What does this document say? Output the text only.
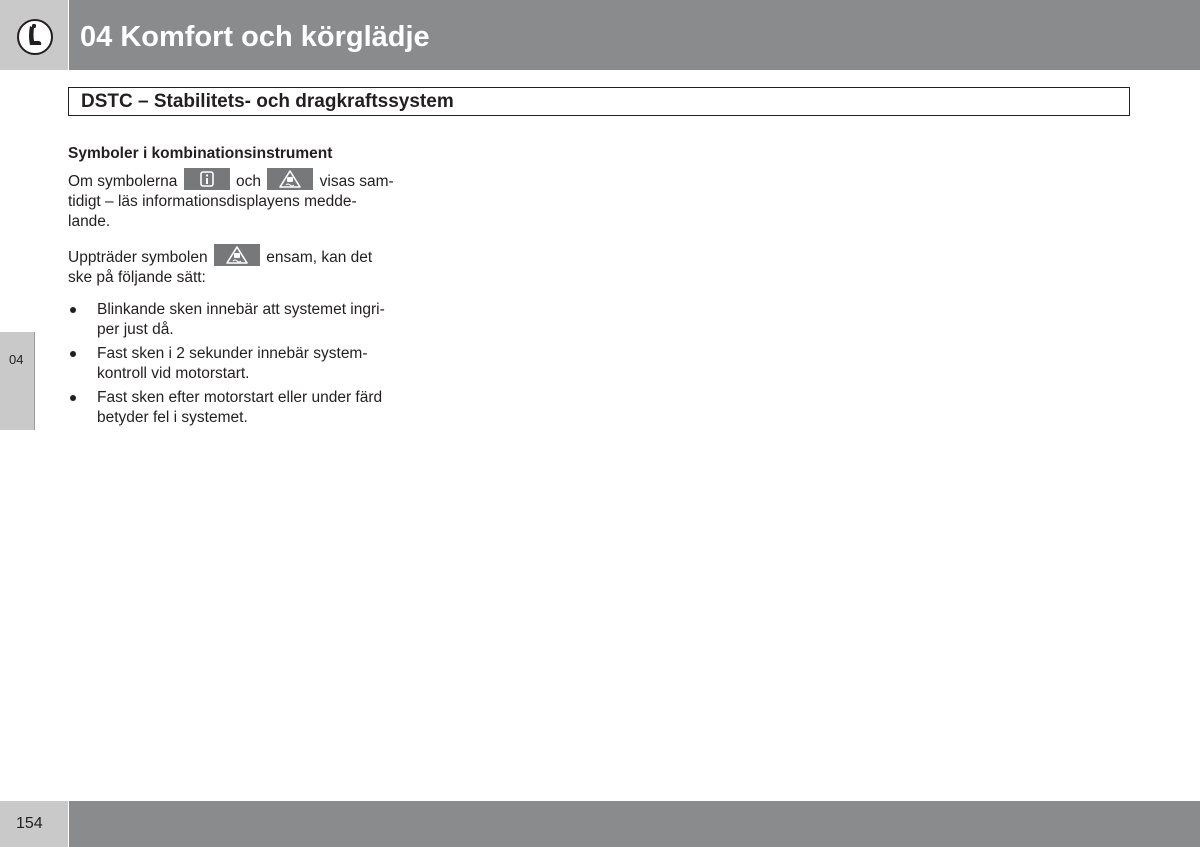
04 Komfort och körglädje
DSTC – Stabilitets- och dragkraftssystem

Symboler i kombinationsinstrument

Om symbolerna	och	visas sam-
tidigt – läs informationsdisplayens medde-
lande.

Uppträder symbolen	ensam, kan det
ske på följande sätt:

Blinkande sken innebär att systemet ingri-
per just då.
Fast sken i 2 sekunder innebär system-
kontroll vid motorstart.
Fast sken efter motorstart eller under färd
betyder fel i systemet.
04
154
